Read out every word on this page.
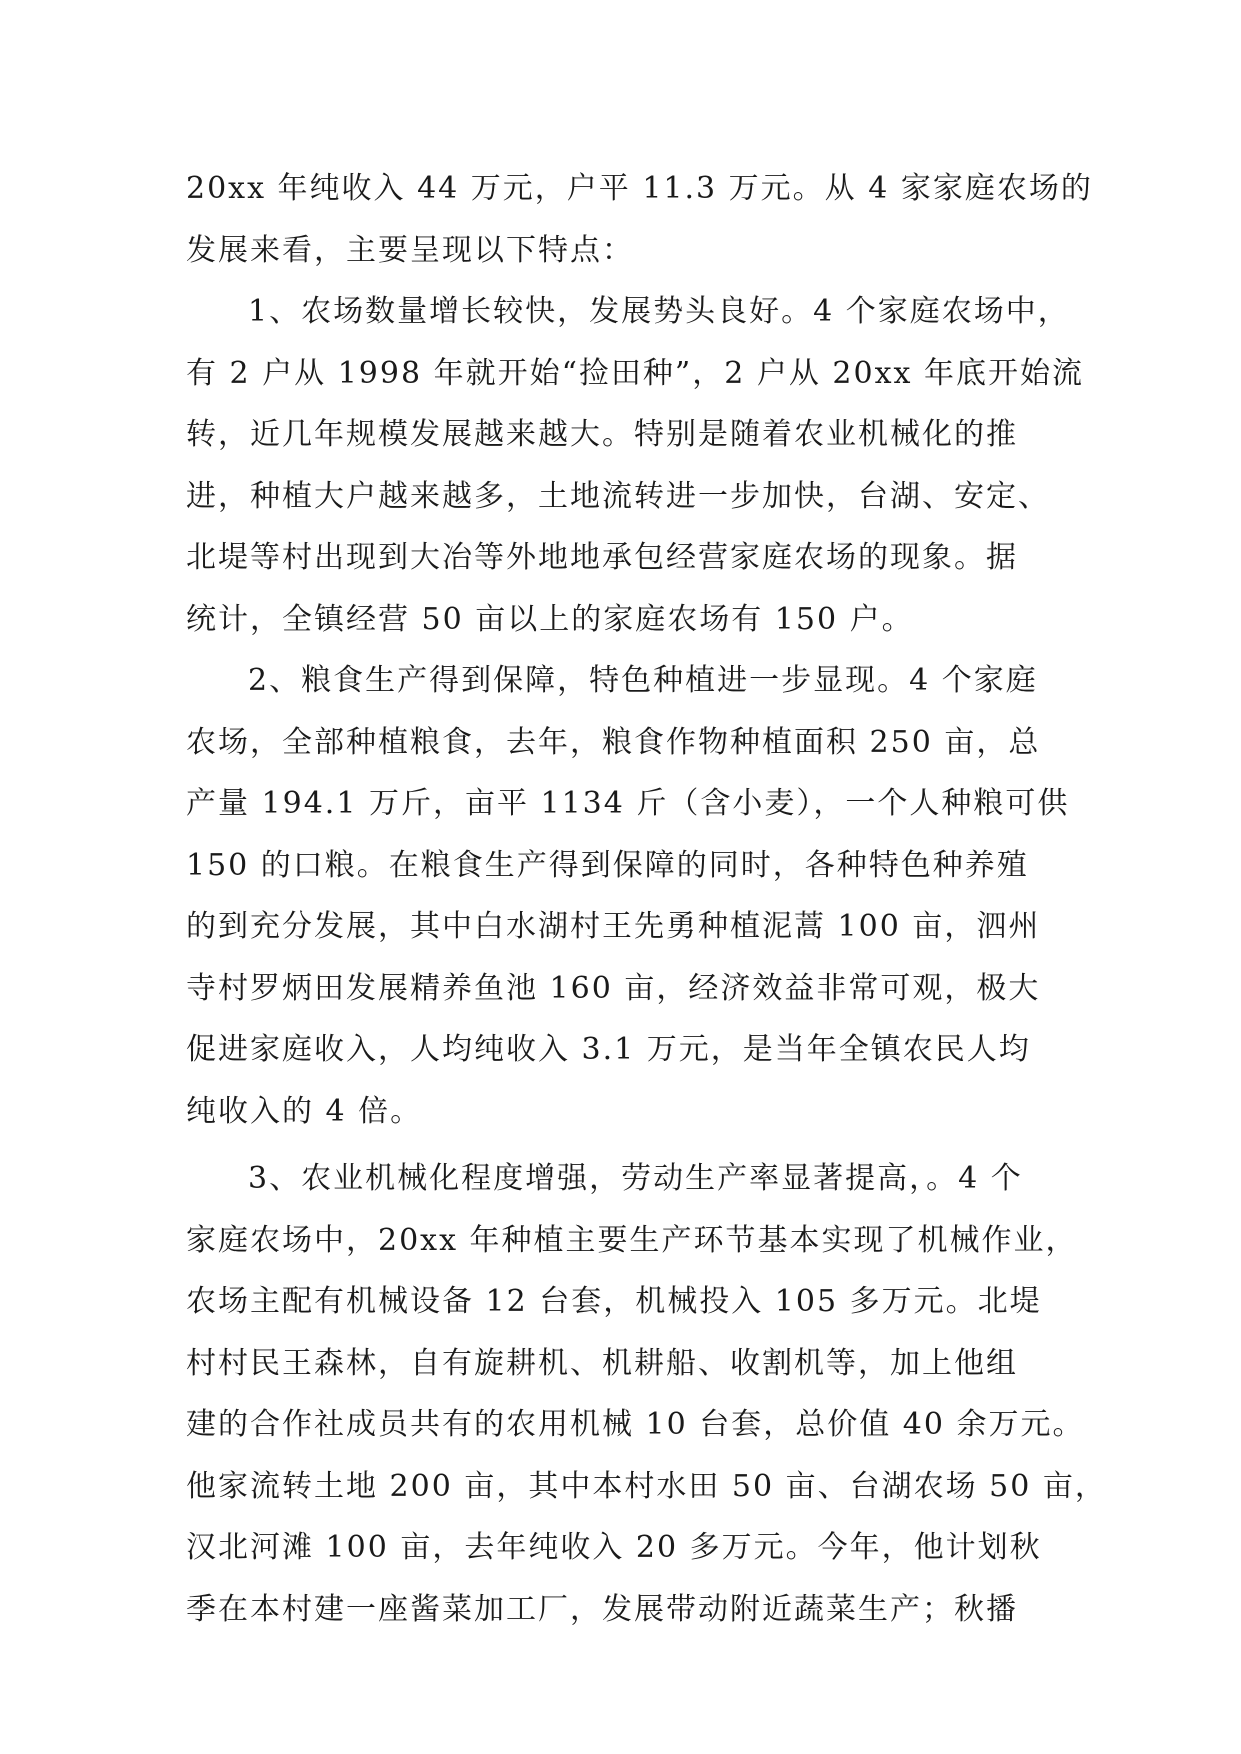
20xx 年纯收入 44 万元，户平 11.3 万元。从 4 家家庭农场的
发展来看，主要呈现以下特点：
1、农场数量增长较快，发展势头良好。4 个家庭农场中，
有 2 户从 1998 年就开始“捡田种”，2 户从 20xx 年底开始流
转，近几年规模发展越来越大。特别是随着农业机械化的推
进，种植大户越来越多，土地流转进一步加快，台湖、安定、
北堤等村出现到大冶等外地地承包经营家庭农场的现象。据
统计，全镇经营 50 亩以上的家庭农场有 150 户。
2、粮食生产得到保障，特色种植进一步显现。4 个家庭
农场，全部种植粮食，去年，粮食作物种植面积 250 亩，总
产量 194.1 万斤，亩平 1134 斤（含小麦），一个人种粮可供
150 的口粮。在粮食生产得到保障的同时，各种特色种养殖
的到充分发展，其中白水湖村王先勇种植泥蒿 100 亩，泗州
寺村罗炳田发展精养鱼池 160 亩，经济效益非常可观，极大
促进家庭收入，人均纯收入 3.1 万元，是当年全镇农民人均
纯收入的 4 倍。
3、农业机械化程度增强，劳动生产率显著提高，。4 个
家庭农场中，20xx 年种植主要生产环节基本实现了机械作业，
农场主配有机械设备 12 台套，机械投入 105 多万元。北堤
村村民王森林，自有旋耕机、机耕船、收割机等，加上他组
建的合作社成员共有的农用机械 10 台套，总价值 40 余万元。
他家流转土地 200 亩，其中本村水田 50 亩、台湖农场 50 亩，
汉北河滩 100 亩，去年纯收入 20 多万元。今年，他计划秋
季在本村建一座酱菜加工厂，发展带动附近蔬菜生产；秋播
